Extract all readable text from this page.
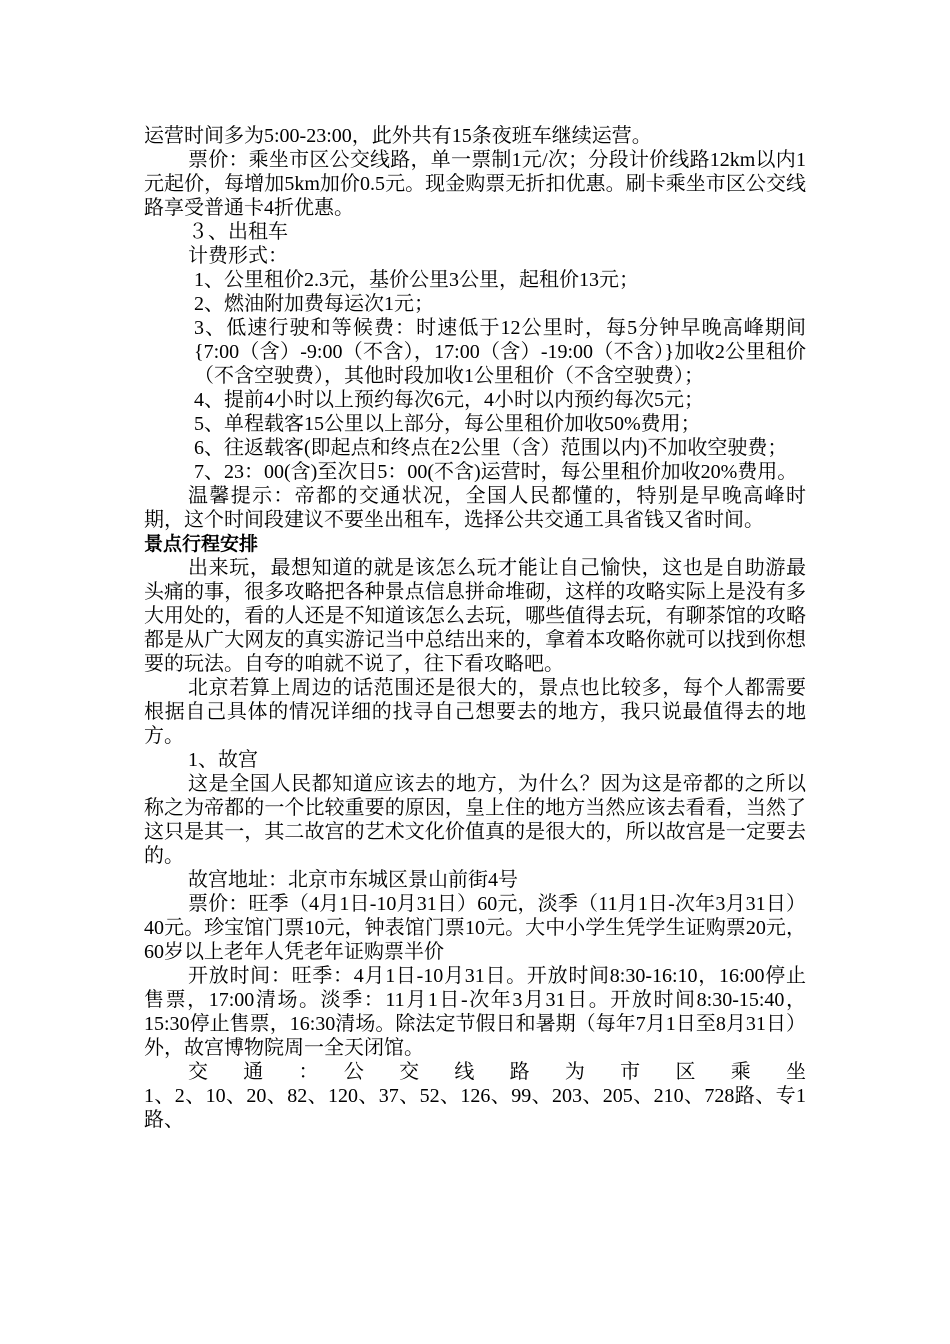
运营时间多为5:00-23:00，此外共有15条夜班车继续运营。

票价：乘坐市区公交线路，单一票制1元/次；分段计价线路12km以内1元起价，每增加5km加价0.5元。现金购票无折扣优惠。刷卡乘坐市区公交线路享受普通卡4折优惠。

３、出租车

计费形式：

1、公里租价2.3元，基价公里3公里，起租价13元；

2、燃油附加费每运次1元；

3、低速行驶和等候费：时速低于12公里时，每5分钟早晚高峰期间{7:00（含）-9:00（不含），17:00（含）-19:00（不含）}加收2公里租价（不含空驶费），其他时段加收1公里租价（不含空驶费）；

4、提前4小时以上预约每次6元，4小时以内预约每次5元；

5、单程载客15公里以上部分，每公里租价加收50%费用；

6、往返载客(即起点和终点在2公里（含）范围以内)不加收空驶费；

7、23：00(含)至次日5：00(不含)运营时，每公里租价加收20%费用。

温馨提示：帝都的交通状况，全国人民都懂的，特别是早晚高峰时期，这个时间段建议不要坐出租车，选择公共交通工具省钱又省时间。

景点行程安排

出来玩，最想知道的就是该怎么玩才能让自己愉快，这也是自助游最头痛的事，很多攻略把各种景点信息拼命堆砌，这样的攻略实际上是没有多大用处的，看的人还是不知道该怎么去玩，哪些值得去玩，有聊茶馆的攻略都是从广大网友的真实游记当中总结出来的，拿着本攻略你就可以找到你想要的玩法。自夸的咱就不说了，往下看攻略吧。

北京若算上周边的话范围还是很大的，景点也比较多，每个人都需要根据自己具体的情况详细的找寻自己想要去的地方，我只说最值得去的地方。

1、故宫

这是全国人民都知道应该去的地方，为什么？因为这是帝都的之所以称之为帝都的一个比较重要的原因，皇上住的地方当然应该去看看，当然了这只是其一，其二故宫的艺术文化价值真的是很大的，所以故宫是一定要去的。

故宫地址：北京市东城区景山前街4号

票价：旺季（4月1日-10月31日）60元，淡季（11月1日-次年3月31日）40元。珍宝馆门票10元，钟表馆门票10元。大中小学生凭学生证购票20元，60岁以上老年人凭老年证购票半价

开放时间：旺季：4月1日-10月31日。开放时间8:30-16:10，16:00停止售票，17:00清场。淡季：11月1日-次年3月31日。开放时间8:30-15:40，15:30停止售票，16:30清场。除法定节假日和暑期（每年7月1日至8月31日）外，故宫博物院周一全天闭馆。

交　通　：　公　交　线　路　为　市　区　乘　坐

1、2、10、20、82、120、37、52、126、99、203、205、210、728路、专1路、
